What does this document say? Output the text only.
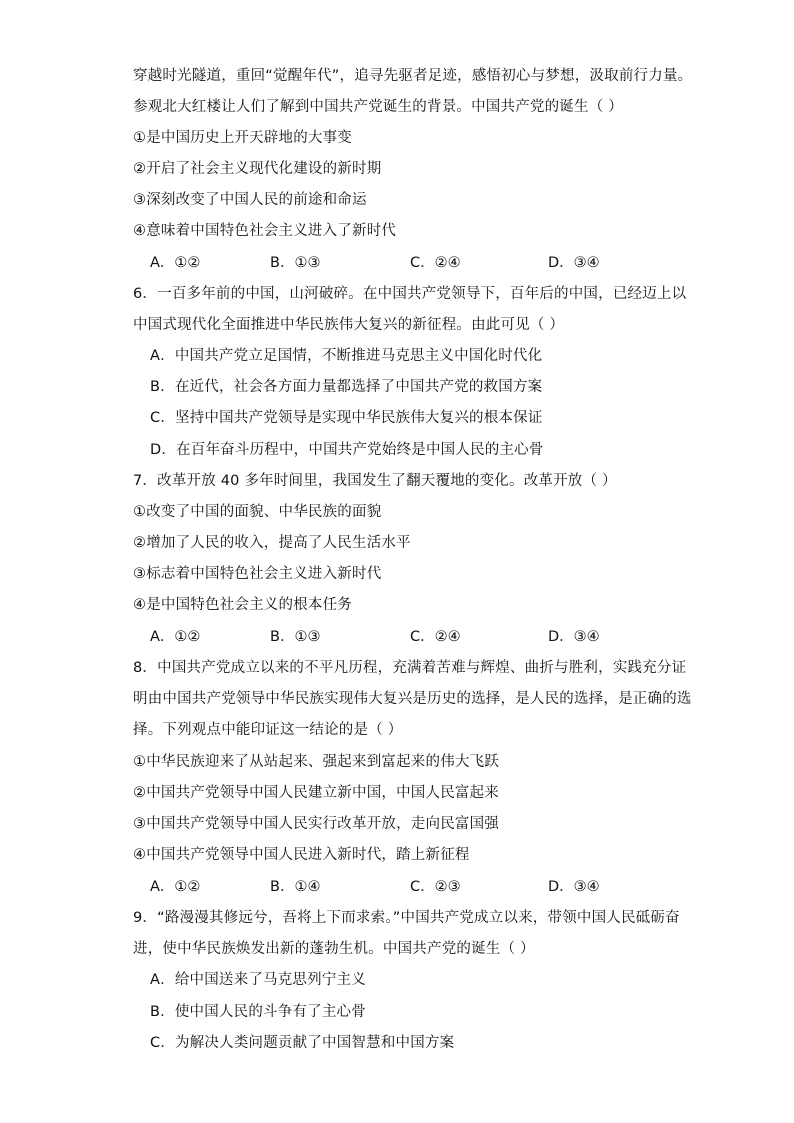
穿越时光隧道，重回“觉醒年代”，追寻先驱者足迹，感悟初心与梦想，汲取前行力量。
参观北大红楼让人们了解到中国共产党诞生的背景。中国共产党的诞生（ ）
①是中国历史上开天辟地的大事变
②开启了社会主义现代化建设的新时期
③深刻改变了中国人民的前途和命运
④意味着中国特色社会主义进入了新时代
A．①②	B．①③	C．②④	D．③④
6．一百多年前的中国，山河破碎。在中国共产党领导下，百年后的中国，已经迈上以
中国式现代化全面推进中华民族伟大复兴的新征程。由此可见（ ）
A．中国共产党立足国情，不断推进马克思主义中国化时代化
B．在近代，社会各方面力量都选择了中国共产党的救国方案
C．坚持中国共产党领导是实现中华民族伟大复兴的根本保证
D．在百年奋斗历程中，中国共产党始终是中国人民的主心骨
7．改革开放 40 多年时间里，我国发生了翻天覆地的变化。改革开放（ ）
①改变了中国的面貌、中华民族的面貌
②增加了人民的收入，提高了人民生活水平
③标志着中国特色社会主义进入新时代
④是中国特色社会主义的根本任务
A．①②	B．①③	C．②④	D．③④
8．中国共产党成立以来的不平凡历程，充满着苦难与辉煌、曲折与胜利，实践充分证
明由中国共产党领导中华民族实现伟大复兴是历史的选择，是人民的选择，是正确的选
择。下列观点中能印证这一结论的是（ ）
①中华民族迎来了从站起来、强起来到富起来的伟大飞跃
②中国共产党领导中国人民建立新中国，中国人民富起来
③中国共产党领导中国人民实行改革开放，走向民富国强
④中国共产党领导中国人民进入新时代，踏上新征程
A．①②	B．①④	C．②③	D．③④
9．“路漫漫其修远兮，吾将上下而求索。”中国共产党成立以来，带领中国人民砥砺奋
进，使中华民族焕发出新的蓬勃生机。中国共产党的诞生（ ）
A．给中国送来了马克思列宁主义
B．使中国人民的斗争有了主心骨
C．为解决人类问题贡献了中国智慧和中国方案
